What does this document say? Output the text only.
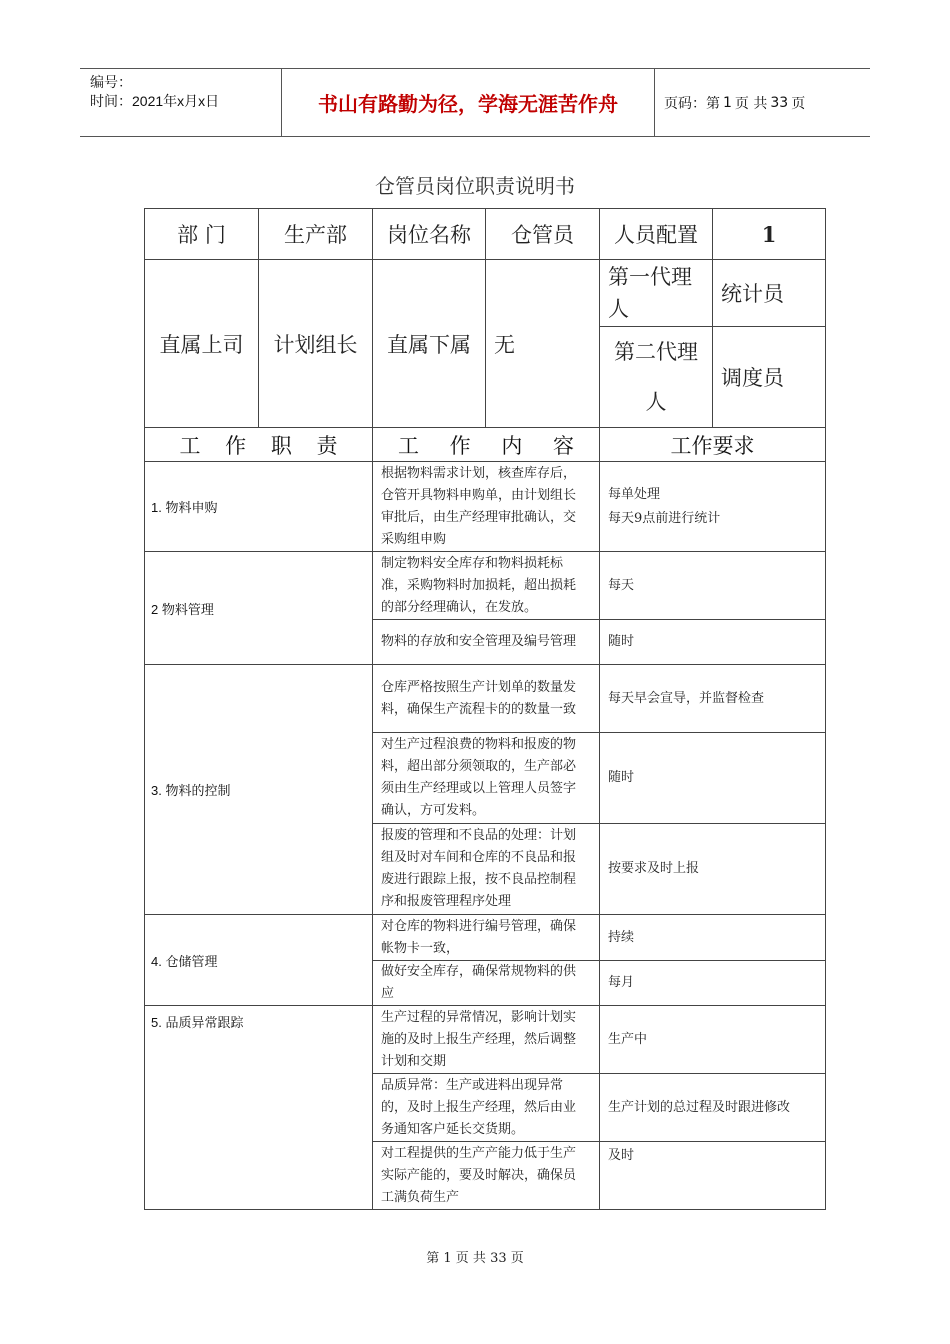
编号：
时间：2021年x月x日	书山有路勤为径，学海无涯苦作舟	页码：第 1 页 共 33 页
仓管员岗位职责说明书
部 门	生产部	岗位名称	仓管员	人员配置	1
直属上司	计划组长	直属下属	无	第一代理人	统计员
				第二代理人	调度员
工 作 职 责		工 作 内 容		工作要求	
1. 物料申购		根据物料需求计划，核查库存后，仓管开具物料申购单，由计划组长审批后，由生产经理审批确认，交采购组申购		每单处理
每天9点前进行统计	

2 物料管理		制定物料安全库存和物料损耗标准，采购物料时加损耗，超出损耗的部分经理确认，在发放。		每天	
		物料的存放和安全管理及编号管理		随时	
3. 物料的控制		仓库严格按照生产计划单的数量发料，确保生产流程卡的的数量一致		每天早会宣导，并监督检查	
		对生产过程浪费的物料和报废的物料，超出部分须领取的，生产部必须由生产经理或以上管理人员签字确认，方可发料。		随时	
		报废的管理和不良品的处理：计划组及时对车间和仓库的不良品和报废进行跟踪上报，按不良品控制程序和报废管理程序处理		按要求及时上报	
4. 仓储管理		对仓库的物料进行编号管理，确保帐物卡一致，		持续	
		做好安全库存，确保常规物料的供应		每月	
5. 品质异常跟踪		生产过程的异常情况，影响计划实施的及时上报生产经理，然后调整计划和交期		生产中	
		品质异常：生产或进料出现异常的，及时上报生产经理，然后由业务通知客户延长交货期。		生产计划的总过程及时跟进修改	
		对工程提供的生产产能力低于生产实际产能的，要及时解决，确保员工满负荷生产		及时	
第 1 页 共 33 页
